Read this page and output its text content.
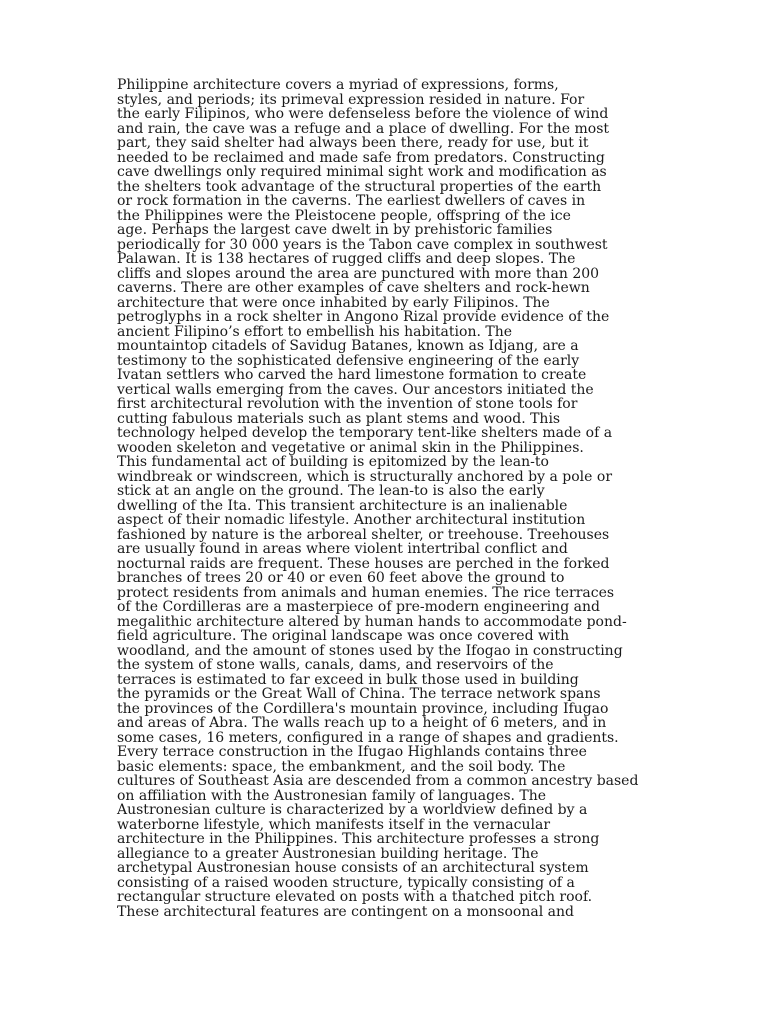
Philippine architecture covers a myriad of expressions, forms,
styles, and periods; its primeval expression resided in nature. For
the early Filipinos, who were defenseless before the violence of wind
and rain, the cave was a refuge and a place of dwelling. For the most
part, they said shelter had always been there, ready for use, but it
needed to be reclaimed and made safe from predators. Constructing
cave dwellings only required minimal sight work and modification as
the shelters took advantage of the structural properties of the earth
or rock formation in the caverns. The earliest dwellers of caves in
the Philippines were the Pleistocene people, offspring of the ice
age. Perhaps the largest cave dwelt in by prehistoric families
periodically for 30 000 years is the Tabon cave complex in southwest
Palawan. It is 138 hectares of rugged cliffs and deep slopes. The
cliffs and slopes around the area are punctured with more than 200
caverns. There are other examples of cave shelters and rock-hewn
architecture that were once inhabited by early Filipinos. The
petroglyphs in a rock shelter in Angono Rizal provide evidence of the
ancient Filipino’s effort to embellish his habitation. The
mountaintop citadels of Savidug Batanes, known as Idjang, are a
testimony to the sophisticated defensive engineering of the early
Ivatan settlers who carved the hard limestone formation to create
vertical walls emerging from the caves. Our ancestors initiated the
first architectural revolution with the invention of stone tools for
cutting fabulous materials such as plant stems and wood. This
technology helped develop the temporary tent-like shelters made of a
wooden skeleton and vegetative or animal skin in the Philippines.
This fundamental act of building is epitomized by the lean-to
windbreak or windscreen, which is structurally anchored by a pole or
stick at an angle on the ground. The lean-to is also the early
dwelling of the Ita. This transient architecture is an inalienable
aspect of their nomadic lifestyle. Another architectural institution
fashioned by nature is the arboreal shelter, or treehouse. Treehouses
are usually found in areas where violent intertribal conflict and
nocturnal raids are frequent. These houses are perched in the forked
branches of trees 20 or 40 or even 60 feet above the ground to
protect residents from animals and human enemies. The rice terraces
of the Cordilleras are a masterpiece of pre-modern engineering and
megalithic architecture altered by human hands to accommodate pond-
field agriculture. The original landscape was once covered with
woodland, and the amount of stones used by the Ifogao in constructing
the system of stone walls, canals, dams, and reservoirs of the
terraces is estimated to far exceed in bulk those used in building
the pyramids or the Great Wall of China. The terrace network spans
the provinces of the Cordillera's mountain province, including Ifugao
and areas of Abra. The walls reach up to a height of 6 meters, and in
some cases, 16 meters, configured in a range of shapes and gradients.
Every terrace construction in the Ifugao Highlands contains three
basic elements: space, the embankment, and the soil body. The
cultures of Southeast Asia are descended from a common ancestry based
on affiliation with the Austronesian family of languages. The
Austronesian culture is characterized by a worldview defined by a
waterborne lifestyle, which manifests itself in the vernacular
architecture in the Philippines. This architecture professes a strong
allegiance to a greater Austronesian building heritage. The
archetypal Austronesian house consists of an architectural system
consisting of a raised wooden structure, typically consisting of a
rectangular structure elevated on posts with a thatched pitch roof.
These architectural features are contingent on a monsoonal and
